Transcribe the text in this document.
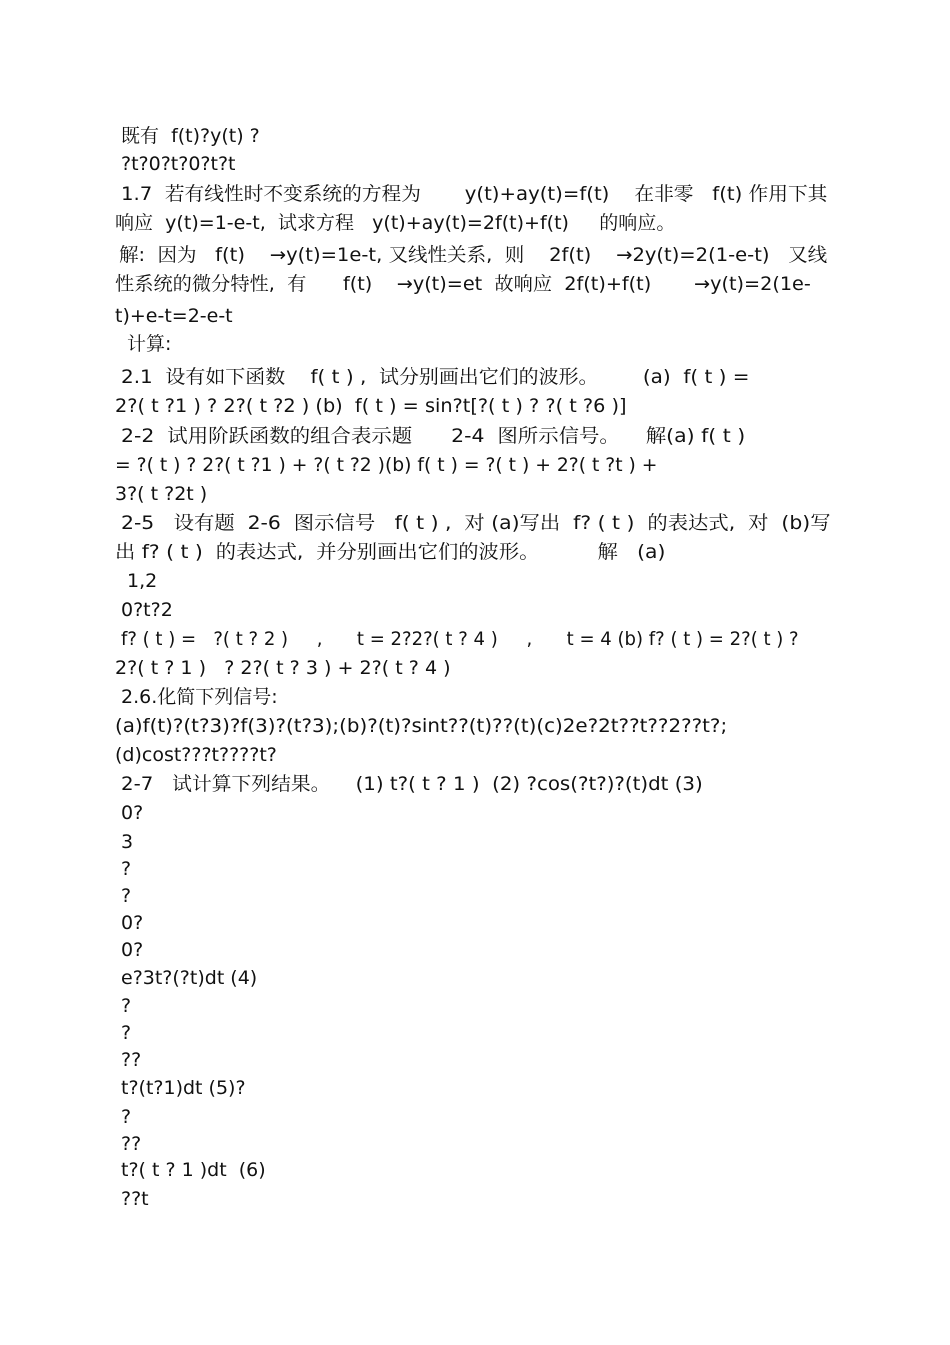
既有  f(t)?y(t) ?
?t?0?t?0?t?t
1.7  若有线性时不变系统的方程为       y(t)+ay(t)=f(t)    在非零   f(t) 作用下其
响应  y(t)=1-e-t,  试求方程   y(t)+ay(t)=2f(t)+f(t)     的响应。
解:  因为   f(t)    →y(t)=1e-t, 又线性关系,  则    2f(t)    →2y(t)=2(1-e-t)   又线
性系统的微分特性,  有      f(t)    →y(t)=et  故响应  2f(t)+f(t)       →y(t)=2(1e-
t)+e-t=2-e-t
计算:
2.1  设有如下函数    f( t ) ,  试分别画出它们的波形。       (a)  f( t ) =
2?( t ?1 ) ? 2?( t ?2 ) (b)  f( t ) = sin?t[?( t ) ? ?( t ?6 )]
2-2  试用阶跃函数的组合表示题      2-4  图所示信号。    解(a) f( t )
= ?( t ) ? 2?( t ?1 ) + ?( t ?2 )(b) f( t ) = ?( t ) + 2?( t ?t ) +
3?( t ?2t )
2-5   设有题  2-6  图示信号   f( t ) ,  对 (a)写出  f? ( t )  的表达式,  对  (b)写
出 f? ( t )  的表达式,  并分别画出它们的波形。         解   (a)
1,2
0?t?2
f? ( t ) =   ?( t ? 2 )     ,      t = 2?2?( t ? 4 )     ,      t = 4 (b) f? ( t ) = 2?( t ) ?
2?( t ? 1 )   ? 2?( t ? 3 ) + 2?( t ? 4 )
2.6.化简下列信号:
(a)f(t)?(t?3)?f(3)?(t?3);(b)?(t)?sint??(t)??(t)(c)2e?2t??t??2??t?;
(d)cost???t????t?
2-7   试计算下列结果。    (1) t?( t ? 1 )  (2) ?cos(?t?)?(t)dt (3)
0?
3
?
?
0?
0?
e?3t?(?t)dt (4)
?
?
??
t?(t?1)dt (5)?
?
??
t?( t ? 1 )dt  (6)
??t
